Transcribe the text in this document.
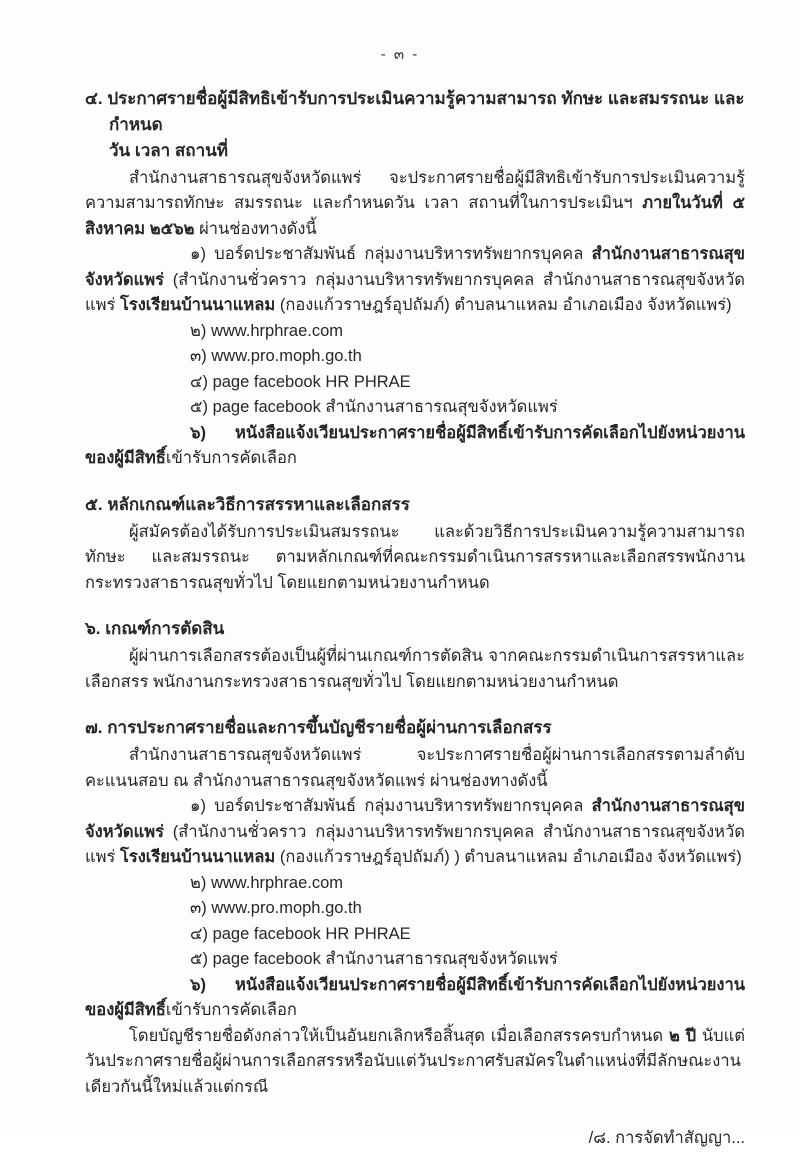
- ๓ -
๔. ประกาศรายชื่อผู้มีสิทธิเข้ารับการประเมินความรู้ความสามารถ ทักษะ และสมรรถนะ และกำหนด
วัน เวลา สถานที่

สำนักงานสาธารณสุขจังหวัดแพร่ จะประกาศรายชื่อผู้มีสิทธิเข้ารับการประเมินความรู้ความสามารถทักษะ สมรรถนะ และกำหนดวัน เวลา สถานที่ในการประเมินฯ ภายในวันที่ ๕ สิงหาคม ๒๕๖๒ ผ่านช่องทางดังนี้

๑) บอร์ดประชาสัมพันธ์ กลุ่มงานบริหารทรัพยากรบุคคล สำนักงานสาธารณสุขจังหวัดแพร่ (สำนักงานชั่วคราว กลุ่มงานบริหารทรัพยากรบุคคล สำนักงานสาธารณสุขจังหวัดแพร่ โรงเรียนบ้านนาแหลม (กองแก้วราษฎร์อุปถัมภ์) ตำบลนาแหลม อำเภอเมือง จังหวัดแพร่)

๒) www.hrphrae.com

๓) www.pro.moph.go.th

๔) page facebook HR PHRAE

๕) page facebook สำนักงานสาธารณสุขจังหวัดแพร่

๖) หนังสือแจ้งเวียนประกาศรายชื่อผู้มีสิทธิ์เข้ารับการคัดเลือกไปยังหน่วยงานของผู้มีสิทธิ์เข้ารับการคัดเลือก

๕. หลักเกณฑ์และวิธีการสรรหาและเลือกสรร

ผู้สมัครต้องได้รับการประเมินสมรรถนะ และด้วยวิธีการประเมินความรู้ความสามารถ ทักษะ และสมรรถนะ ตามหลักเกณฑ์ที่คณะกรรมดำเนินการสรรหาและเลือกสรรพนักงานกระทรวงสาธารณสุขทั่วไป โดยแยกตามหน่วยงานกำหนด

๖. เกณฑ์การตัดสิน

ผู้ผ่านการเลือกสรรต้องเป็นผู้ที่ผ่านเกณฑ์การตัดสิน จากคณะกรรมดำเนินการสรรหาและเลือกสรร พนักงานกระทรวงสาธารณสุขทั่วไป โดยแยกตามหน่วยงานกำหนด

๗. การประกาศรายชื่อและการขึ้นบัญชีรายชื่อผู้ผ่านการเลือกสรร

สำนักงานสาธารณสุขจังหวัดแพร่ จะประกาศรายชื่อผู้ผ่านการเลือกสรรตามลำดับคะแนนสอบ ณ สำนักงานสาธารณสุขจังหวัดแพร่ ผ่านช่องทางดังนี้

๑) บอร์ดประชาสัมพันธ์ กลุ่มงานบริหารทรัพยากรบุคคล สำนักงานสาธารณสุขจังหวัดแพร่ (สำนักงานชั่วคราว กลุ่มงานบริหารทรัพยากรบุคคล สำนักงานสาธารณสุขจังหวัดแพร่ โรงเรียนบ้านนาแหลม (กองแก้วราษฎร์อุปถัมภ์) ) ตำบลนาแหลม อำเภอเมือง จังหวัดแพร่)

๒) www.hrphrae.com

๓) www.pro.moph.go.th

๔) page facebook HR PHRAE

๕) page facebook สำนักงานสาธารณสุขจังหวัดแพร่

๖) หนังสือแจ้งเวียนประกาศรายชื่อผู้มีสิทธิ์เข้ารับการคัดเลือกไปยังหน่วยงานของผู้มีสิทธิ์เข้ารับการคัดเลือก

โดยบัญชีรายชื่อดังกล่าวให้เป็นอันยกเลิกหรือสิ้นสุด เมื่อเลือกสรรครบกำหนด ๒ ปี นับแต่วันประกาศรายชื่อผู้ผ่านการเลือกสรรหรือนับแต่วันประกาศรับสมัครในตำแหน่งที่มีลักษณะงานเดียวกันนี้ใหม่แล้วแต่กรณี

/๘. การจัดทำสัญญา...
